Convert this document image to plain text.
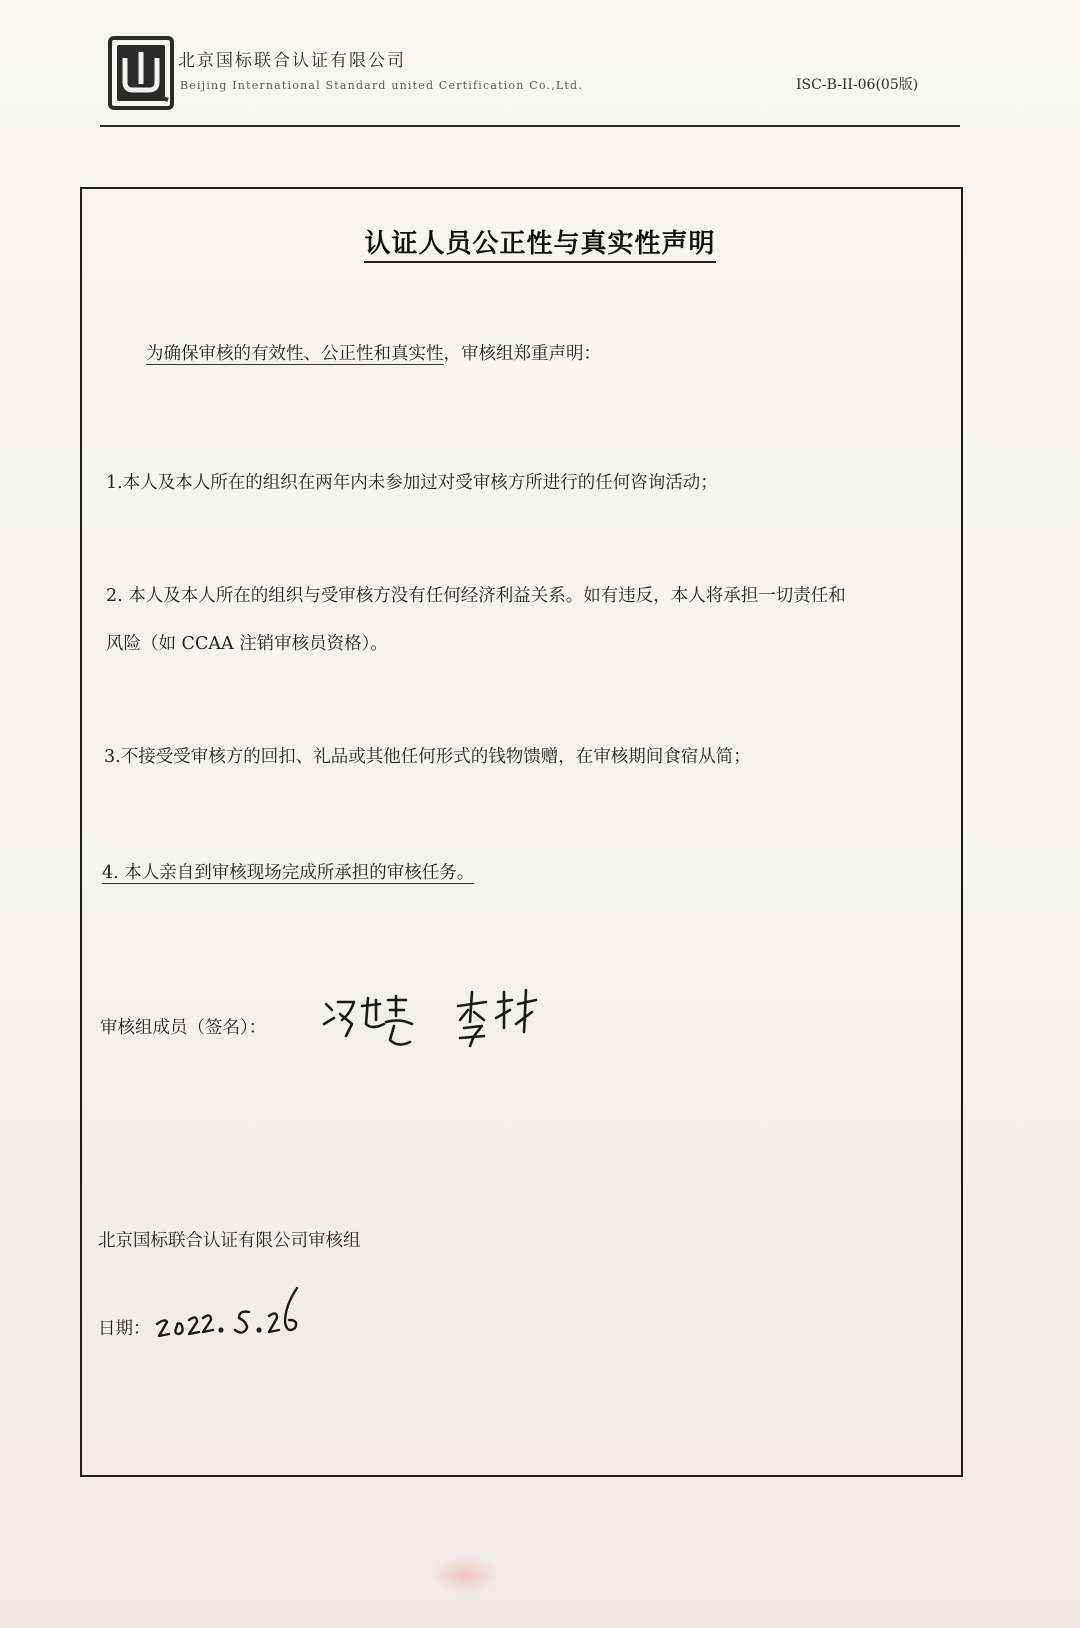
北京国标联合认证有限公司
Beijing International Standard united Certification Co.,Ltd.	ISC-B-II-06(05版)
认证人员公正性与真实性声明
为确保审核的有效性、公正性和真实性，审核组郑重声明：
1.本人及本人所在的组织在两年内未参加过对受审核方所进行的任何咨询活动；
2. 本人及本人所在的组织与受审核方没有任何经济利益关系。如有违反，本人将承担一切责任和
风险（如 CCAA 注销审核员资格）。
3.不接受受审核方的回扣、礼品或其他任何形式的钱物馈赠，在审核期间食宿从简；
4. 本人亲自到审核现场完成所承担的审核任务。
审核组成员（签名）：
北京国标联合认证有限公司审核组
日期：
